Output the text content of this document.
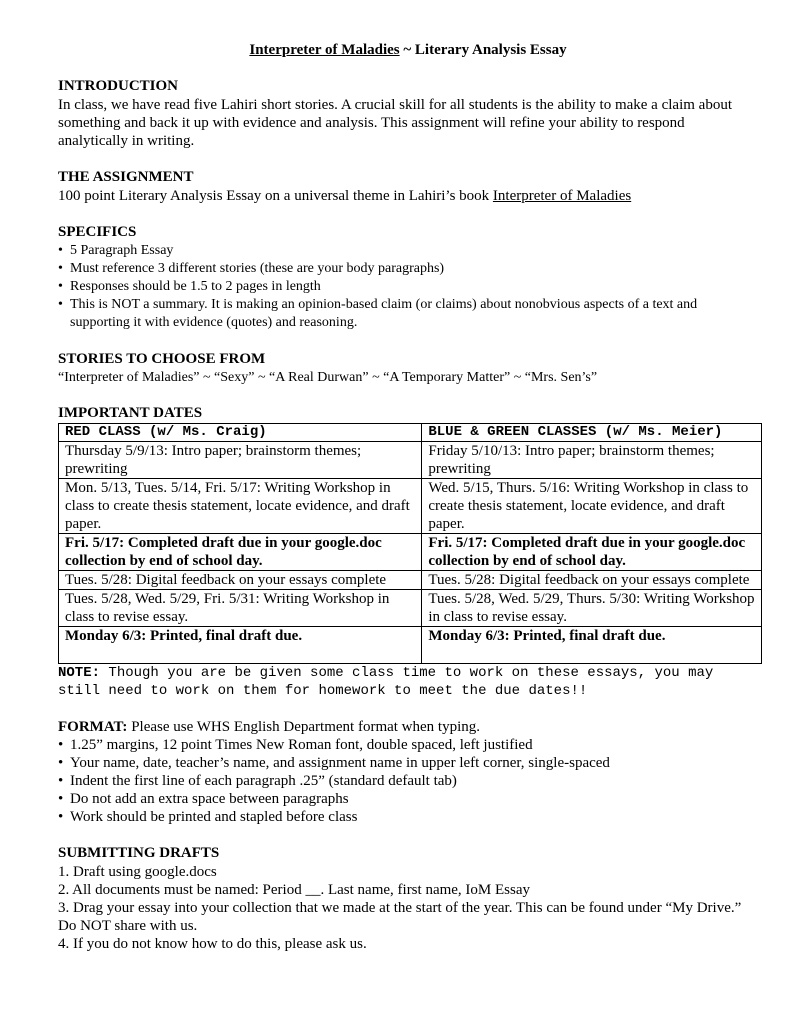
Interpreter of Maladies ~ Literary Analysis Essay
INTRODUCTION

In class, we have read five Lahiri short stories. A crucial skill for all students is the ability to make a claim about something and back it up with evidence and analysis. This assignment will refine your ability to respond analytically in writing.

THE ASSIGNMENT

100 point Literary Analysis Essay on a universal theme in Lahiri’s book Interpreter of Maladies

SPECIFICS
• 5 Paragraph Essay
• Must reference 3 different stories (these are your body paragraphs)
• Responses should be 1.5 to 2 pages in length
• This is NOT a summary. It is making an opinion-based claim (or claims) about nonobvious aspects of a text and supporting it with evidence (quotes) and reasoning.
STORIES TO CHOOSE FROM
“Interpreter of Maladies” ~ “Sexy” ~ “A Real Durwan” ~ “A Temporary Matter” ~ “Mrs. Sen’s”
IMPORTANT DATES
RED CLASS (w/ Ms. Craig)	BLUE & GREEN CLASSES (w/ Ms. Meier)
Thursday 5/9/13: Intro paper; brainstorm themes; prewriting	Friday 5/10/13: Intro paper; brainstorm themes; prewriting
Mon. 5/13, Tues. 5/14, Fri. 5/17: Writing Workshop in class to create thesis statement, locate evidence, and draft paper.	Wed. 5/15, Thurs. 5/16: Writing Workshop in class to create thesis statement, locate evidence, and draft paper.
Fri. 5/17: Completed draft due in your google.doc collection by end of school day.	Fri. 5/17: Completed draft due in your google.doc collection by end of school day.
Tues. 5/28: Digital feedback on your essays complete	Tues. 5/28: Digital feedback on your essays complete
Tues. 5/28, Wed. 5/29, Fri. 5/31: Writing Workshop in class to revise essay.	Tues. 5/28, Wed. 5/29, Thurs. 5/30: Writing Workshop in class to revise essay.
Monday 6/3: Printed, final draft due.	Monday 6/3: Printed, final draft due.
NOTE: Though you are be given some class time to work on these essays, you may still need to work on them for homework to meet the due dates!!

FORMAT: Please use WHS English Department format when typing.

• 1.25” margins, 12 point Times New Roman font, double spaced, left justified
• Your name, date, teacher’s name, and assignment name in upper left corner, single-spaced
• Indent the first line of each paragraph .25” (standard default tab)
• Do not add an extra space between paragraphs
• Work should be printed and stapled before class
SUBMITTING DRAFTS
1. Draft using google.docs
2. All documents must be named: Period __. Last name, first name, IoM Essay
3. Drag your essay into your collection that we made at the start of the year. This can be found under “My Drive.” Do NOT share with us.
4. If you do not know how to do this, please ask us.
